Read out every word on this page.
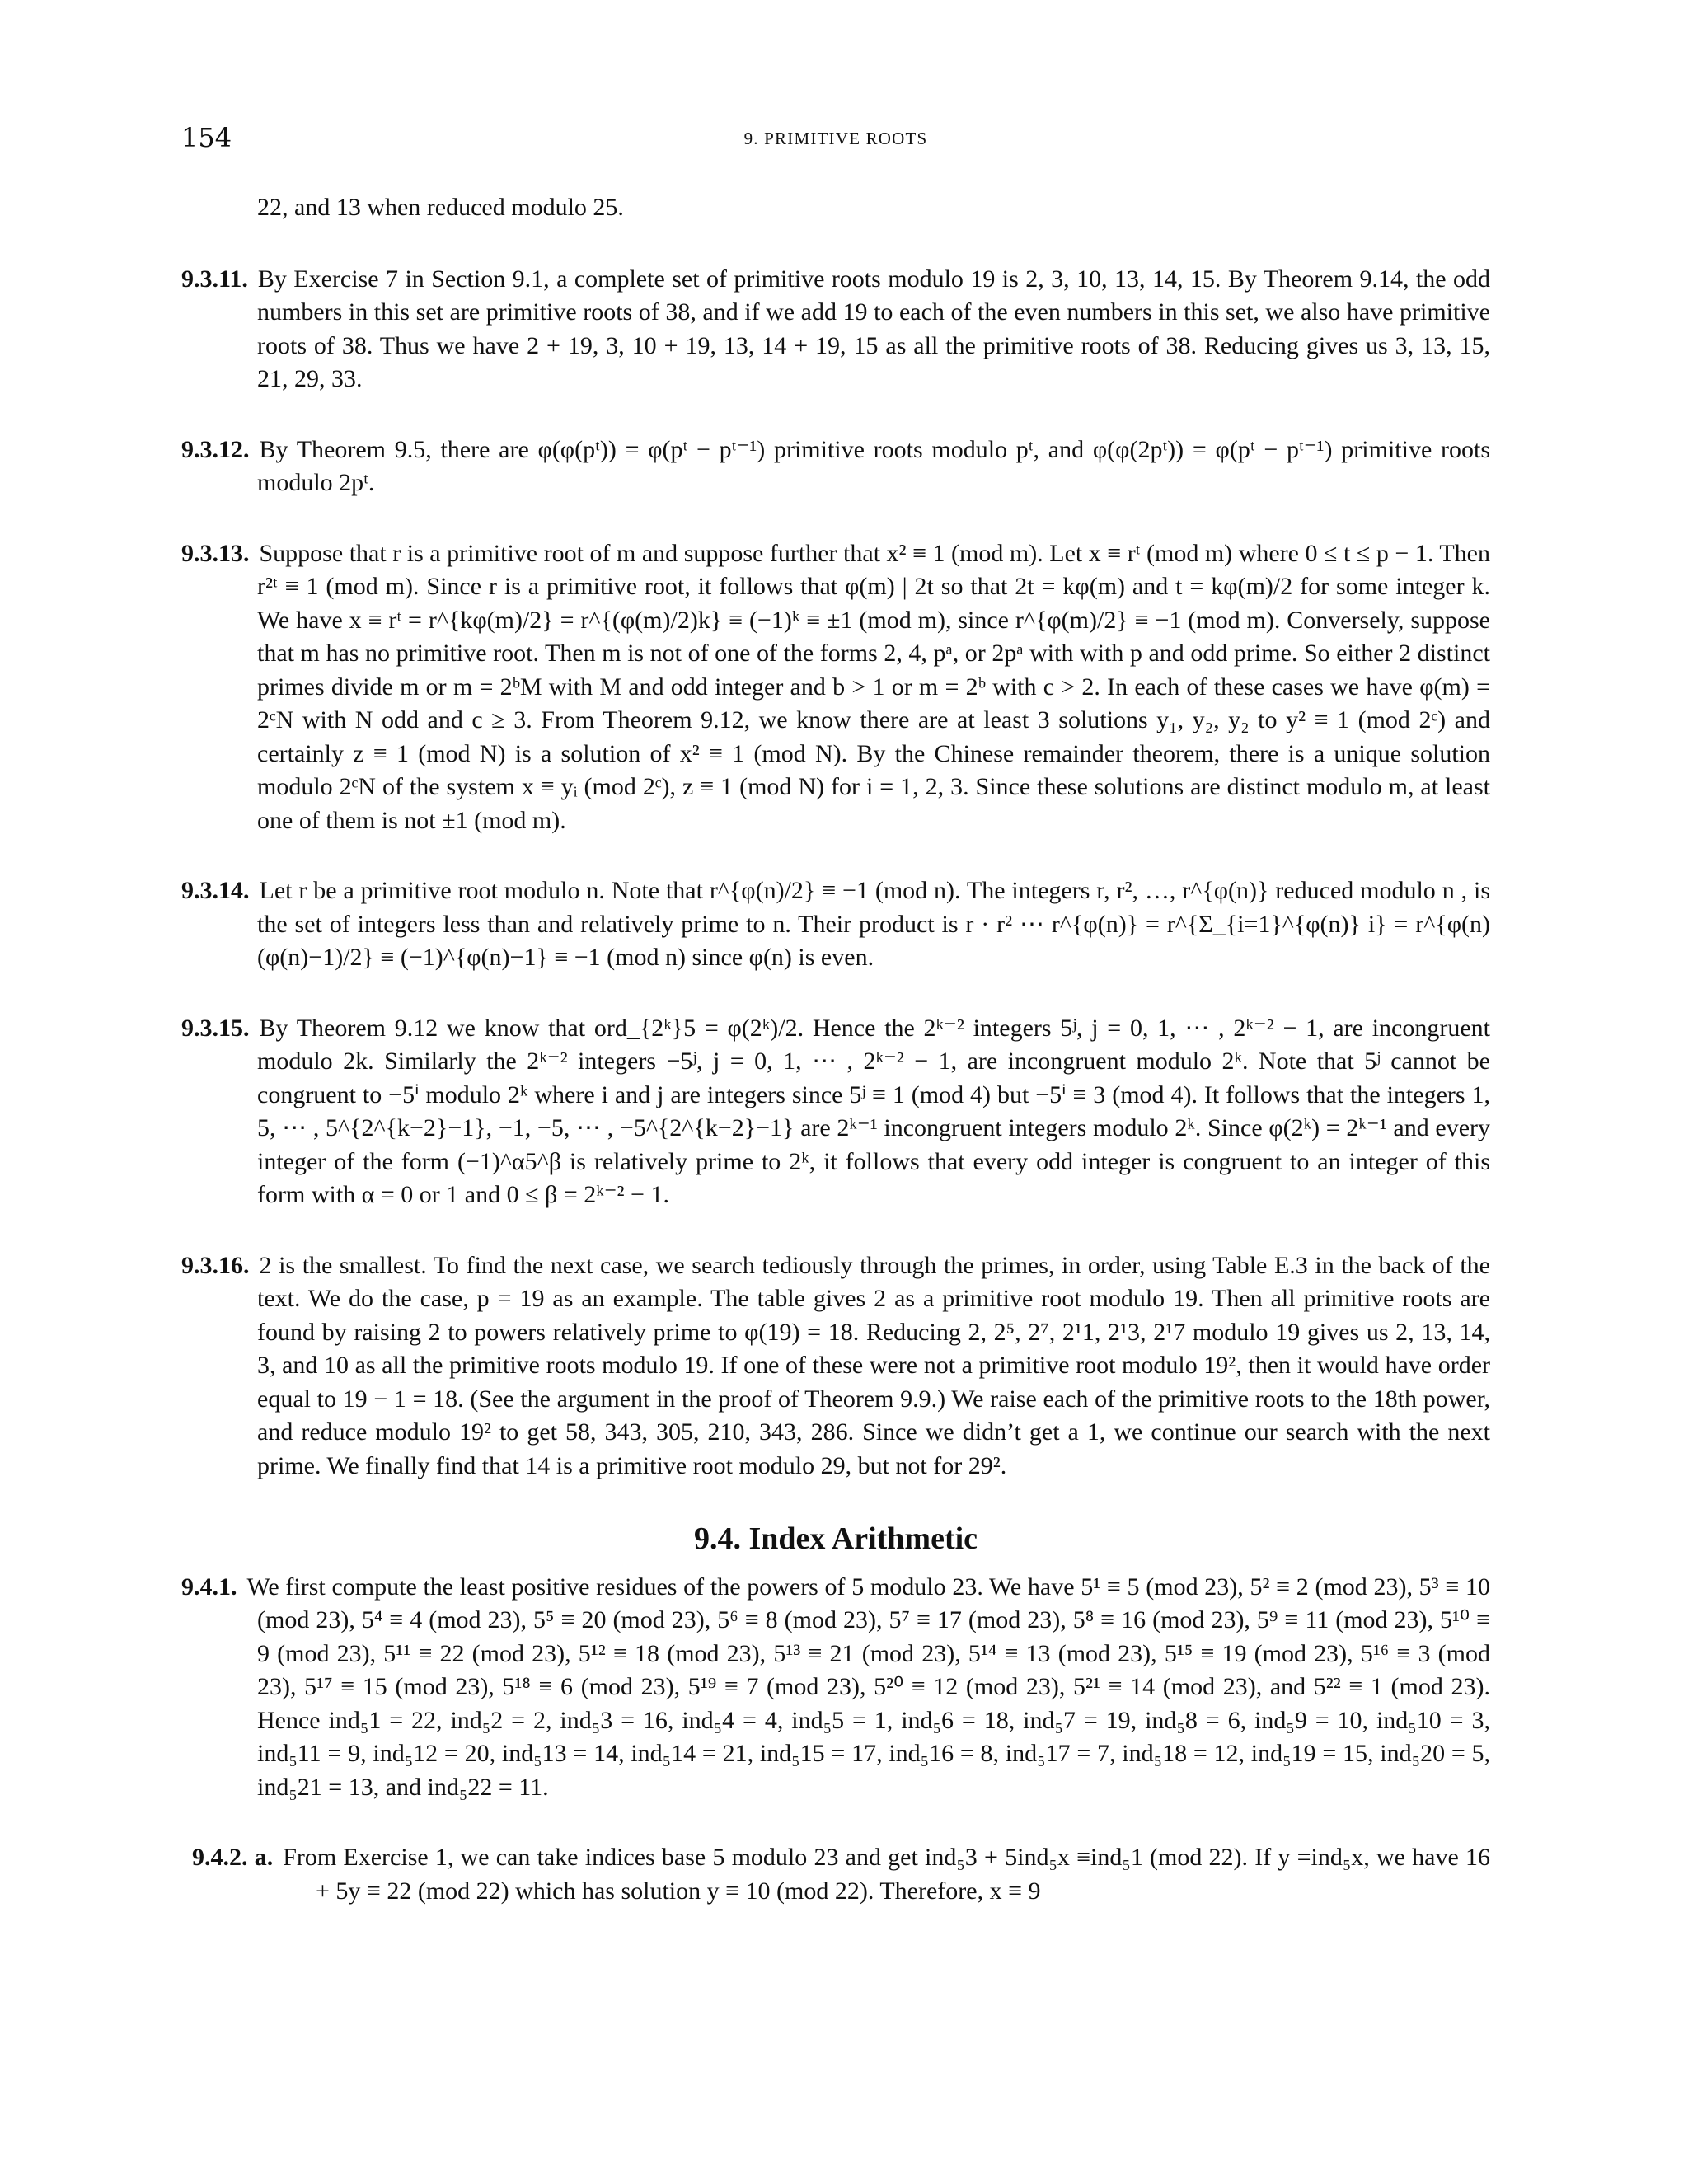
154	9. PRIMITIVE ROOTS

22, and 13 when reduced modulo 25.

9.3.11. By Exercise 7 in Section 9.1, a complete set of primitive roots modulo 19 is 2, 3, 10, 13, 14, 15. By Theorem 9.14, the odd numbers in this set are primitive roots of 38, and if we add 19 to each of the even numbers in this set, we also have primitive roots of 38. Thus we have 2 + 19, 3, 10 + 19, 13, 14 + 19, 15 as all the primitive roots of 38. Reducing gives us 3, 13, 15, 21, 29, 33.

9.3.12. By Theorem 9.5, there are φ(φ(pᵗ)) = φ(pᵗ − pᵗ⁻¹) primitive roots modulo pᵗ, and φ(φ(2pᵗ)) = φ(pᵗ − pᵗ⁻¹) primitive roots modulo 2pᵗ.

9.3.13. Suppose that r is a primitive root of m and suppose further that x² ≡ 1 (mod m). Let x ≡ rᵗ (mod m) where 0 ≤ t ≤ p − 1. Then r²ᵗ ≡ 1 (mod m). Since r is a primitive root, it follows that φ(m) | 2t so that 2t = kφ(m) and t = kφ(m)/2 for some integer k. We have x ≡ rᵗ = r^{kφ(m)/2} = r^{(φ(m)/2)k} ≡ (−1)ᵏ ≡ ±1 (mod m), since r^{φ(m)/2} ≡ −1 (mod m). Conversely, suppose that m has no primitive root. Then m is not of one of the forms 2, 4, pᵃ, or 2pᵃ with with p and odd prime. So either 2 distinct primes divide m or m = 2ᵇM with M and odd integer and b > 1 or m = 2ᵇ with c > 2. In each of these cases we have φ(m) = 2ᶜN with N odd and c ≥ 3. From Theorem 9.12, we know there are at least 3 solutions y₁, y₂, y₂ to y² ≡ 1 (mod 2ᶜ) and certainly z ≡ 1 (mod N) is a solution of x² ≡ 1 (mod N). By the Chinese remainder theorem, there is a unique solution modulo 2ᶜN of the system x ≡ yᵢ (mod 2ᶜ), z ≡ 1 (mod N) for i = 1, 2, 3. Since these solutions are distinct modulo m, at least one of them is not ±1 (mod m).

9.3.14. Let r be a primitive root modulo n. Note that r^{φ(n)/2} ≡ −1 (mod n). The integers r, r², …, r^{φ(n)} reduced modulo n , is the set of integers less than and relatively prime to n. Their product is r · r² ⋯ r^{φ(n)} = r^{Σ_{i=1}^{φ(n)} i} = r^{φ(n)(φ(n)−1)/2} ≡ (−1)^{φ(n)−1} ≡ −1 (mod n) since φ(n) is even.

9.3.15. By Theorem 9.12 we know that ord_{2ᵏ}5 = φ(2ᵏ)/2. Hence the 2ᵏ⁻² integers 5ʲ, j = 0, 1, ⋯ , 2ᵏ⁻² − 1, are incongruent modulo 2k. Similarly the 2ᵏ⁻² integers −5ʲ, j = 0, 1, ⋯ , 2ᵏ⁻² − 1, are incongruent modulo 2ᵏ. Note that 5ʲ cannot be congruent to −5ⁱ modulo 2ᵏ where i and j are integers since 5ʲ ≡ 1 (mod 4) but −5ⁱ ≡ 3 (mod 4). It follows that the integers 1, 5, ⋯ , 5^{2^{k−2}−1}, −1, −5, ⋯ , −5^{2^{k−2}−1} are 2ᵏ⁻¹ incongruent integers modulo 2ᵏ. Since φ(2ᵏ) = 2ᵏ⁻¹ and every integer of the form (−1)^α5^β is relatively prime to 2ᵏ, it follows that every odd integer is congruent to an integer of this form with α = 0 or 1 and 0 ≤ β = 2ᵏ⁻² − 1.

9.3.16. 2 is the smallest. To find the next case, we search tediously through the primes, in order, using Table E.3 in the back of the text. We do the case, p = 19 as an example. The table gives 2 as a primitive root modulo 19. Then all primitive roots are found by raising 2 to powers relatively prime to φ(19) = 18. Reducing 2, 2⁵, 2⁷, 2¹1, 2¹3, 2¹7 modulo 19 gives us 2, 13, 14, 3, and 10 as all the primitive roots modulo 19. If one of these were not a primitive root modulo 19², then it would have order equal to 19 − 1 = 18. (See the argument in the proof of Theorem 9.9.) We raise each of the primitive roots to the 18th power, and reduce modulo 19² to get 58, 343, 305, 210, 343, 286. Since we didn’t get a 1, we continue our search with the next prime. We finally find that 14 is a primitive root modulo 29, but not for 29².

9.4. Index Arithmetic

9.4.1. We first compute the least positive residues of the powers of 5 modulo 23. We have 5¹ ≡ 5 (mod 23), 5² ≡ 2 (mod 23), 5³ ≡ 10 (mod 23), 5⁴ ≡ 4 (mod 23), 5⁵ ≡ 20 (mod 23), 5⁶ ≡ 8 (mod 23), 5⁷ ≡ 17 (mod 23), 5⁸ ≡ 16 (mod 23), 5⁹ ≡ 11 (mod 23), 5¹⁰ ≡ 9 (mod 23), 5¹¹ ≡ 22 (mod 23), 5¹² ≡ 18 (mod 23), 5¹³ ≡ 21 (mod 23), 5¹⁴ ≡ 13 (mod 23), 5¹⁵ ≡ 19 (mod 23), 5¹⁶ ≡ 3 (mod 23), 5¹⁷ ≡ 15 (mod 23), 5¹⁸ ≡ 6 (mod 23), 5¹⁹ ≡ 7 (mod 23), 5²⁰ ≡ 12 (mod 23), 5²¹ ≡ 14 (mod 23), and 5²² ≡ 1 (mod 23). Hence ind₅1 = 22, ind₅2 = 2, ind₅3 = 16, ind₅4 = 4, ind₅5 = 1, ind₅6 = 18, ind₅7 = 19, ind₅8 = 6, ind₅9 = 10, ind₅10 = 3, ind₅11 = 9, ind₅12 = 20, ind₅13 = 14, ind₅14 = 21, ind₅15 = 17, ind₅16 = 8, ind₅17 = 7, ind₅18 = 12, ind₅19 = 15, ind₅20 = 5, ind₅21 = 13, and ind₅22 = 11.

9.4.2. a. From Exercise 1, we can take indices base 5 modulo 23 and get ind₅3 + 5ind₅x ≡ind₅1 (mod 22). If y =ind₅x, we have 16 + 5y ≡ 22 (mod 22) which has solution y ≡ 10 (mod 22). Therefore, x ≡ 9
